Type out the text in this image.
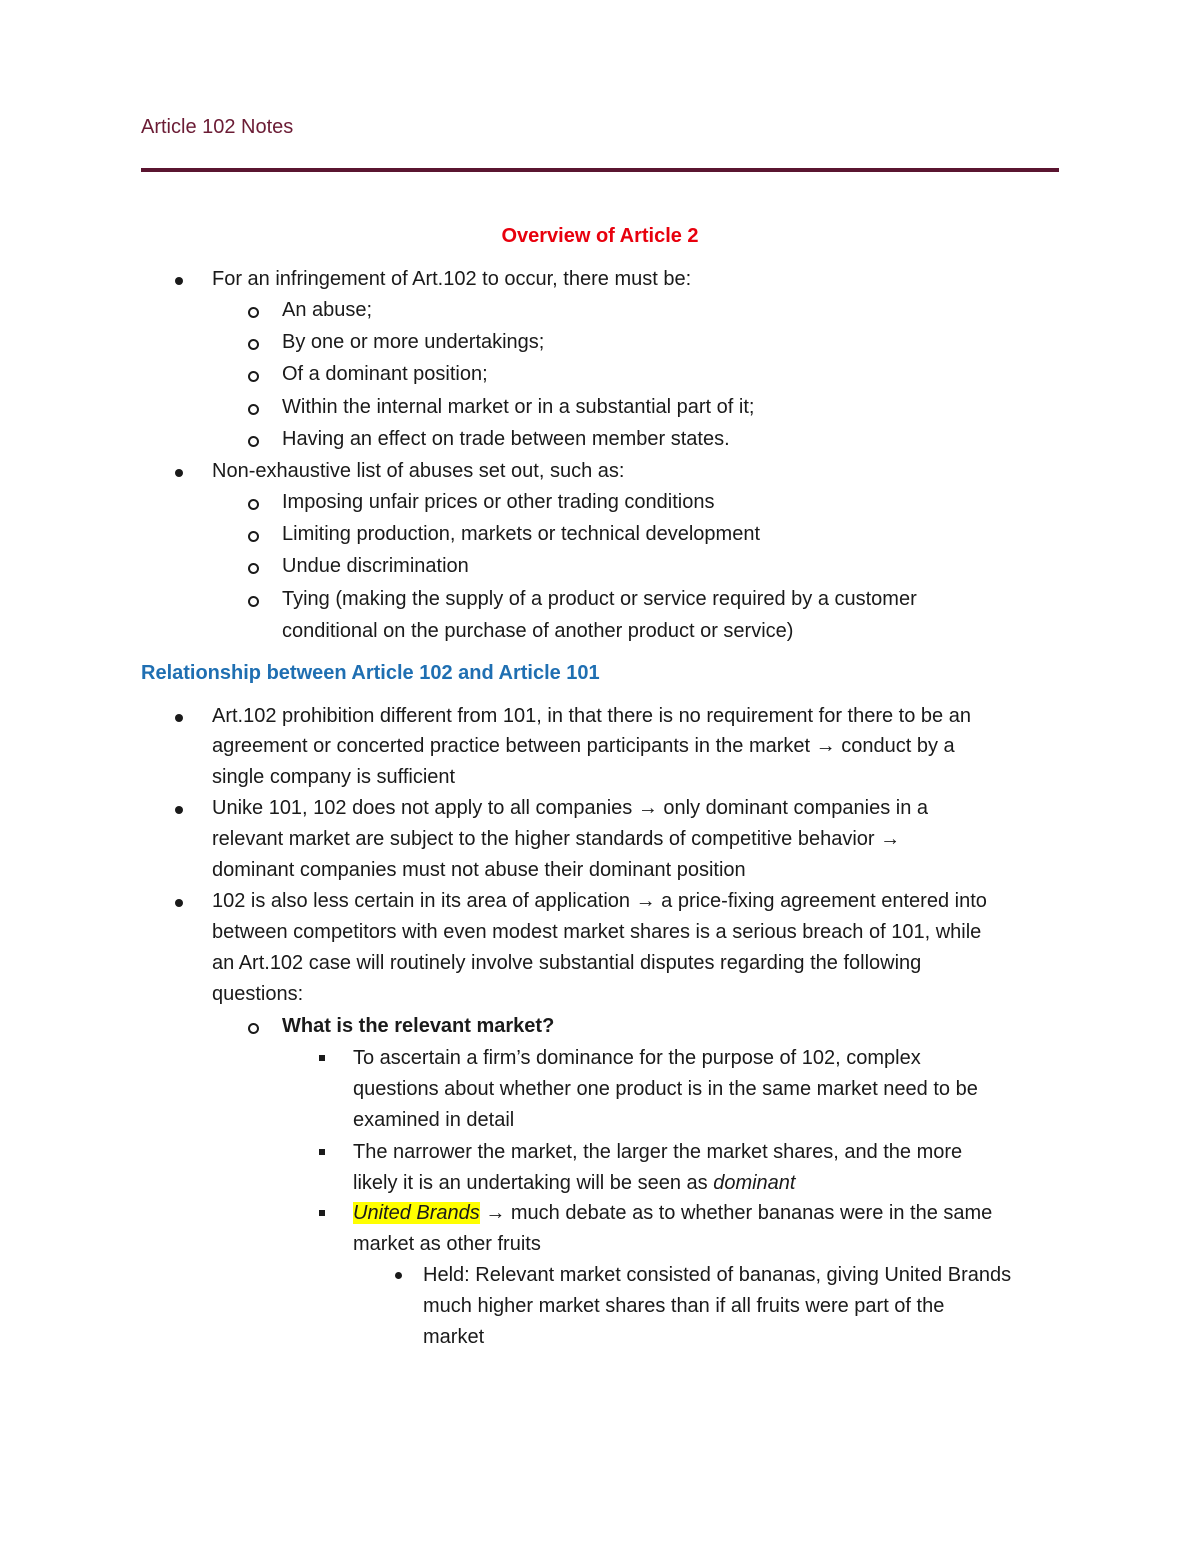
Article 102 Notes
Overview of Article 2
For an infringement of Art.102 to occur, there must be:
An abuse;
By one or more undertakings;
Of a dominant position;
Within the internal market or in a substantial part of it;
Having an effect on trade between member states.
Non-exhaustive list of abuses set out, such as:
Imposing unfair prices or other trading conditions
Limiting production, markets or technical development
Undue discrimination
Tying (making the supply of a product or service required by a customer
conditional on the purchase of another product or service)
Relationship between Article 102 and Article 101
Art.102 prohibition different from 101, in that there is no requirement for there to be an
agreement or concerted practice between participants in the market → conduct by a
single company is sufficient
Unike 101, 102 does not apply to all companies → only dominant companies in a
relevant market are subject to the higher standards of competitive behavior →
dominant companies must not abuse their dominant position
102 is also less certain in its area of application → a price-fixing agreement entered into
between competitors with even modest market shares is a serious breach of 101, while
an Art.102 case will routinely involve substantial disputes regarding the following
questions:
What is the relevant market?
To ascertain a firm’s dominance for the purpose of 102, complex
questions about whether one product is in the same market need to be
examined in detail
The narrower the market, the larger the market shares, and the more
likely it is an undertaking will be seen as dominant
United Brands → much debate as to whether bananas were in the same
market as other fruits
Held: Relevant market consisted of bananas, giving United Brands
much higher market shares than if all fruits were part of the
market
